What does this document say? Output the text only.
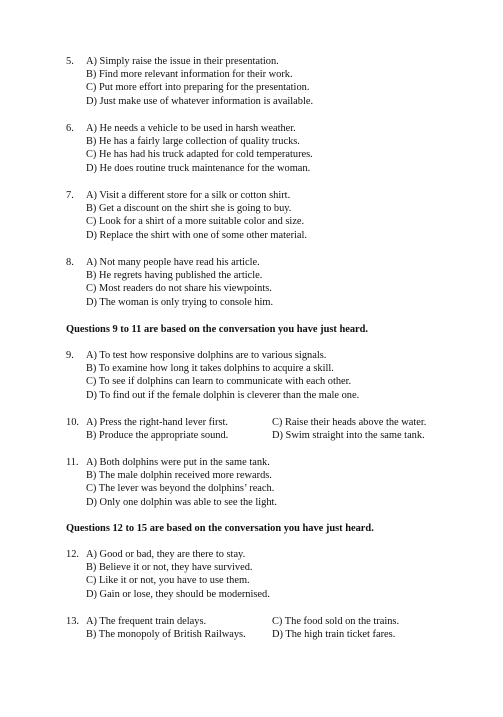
5.	A) Simply raise the issue in their presentation.
B) Find more relevant information for their work.
C) Put more effort into preparing for the presentation.
D) Just make use of whatever information is available.
6.	A) He needs a vehicle to be used in harsh weather.
B) He has a fairly large collection of quality trucks.
C) He has had his truck adapted for cold temperatures.
D) He does routine truck maintenance for the woman.
7.	A) Visit a different store for a silk or cotton shirt.
B) Get a discount on the shirt she is going to buy.
C) Look for a shirt of a more suitable color and size.
D) Replace the shirt with one of some other material.
8.	A) Not many people have read his article.
B) He regrets having published the article.
C) Most readers do not share his viewpoints.
D) The woman is only trying to console him.
Questions 9 to 11 are based on the conversation you have just heard.
9.	A) To test how responsive dolphins are to various signals.
B) To examine how long it takes dolphins to acquire a skill.
C) To see if dolphins can learn to communicate with each other.
D) To find out if the female dolphin is cleverer than the male one.
10. A) Press the right-hand lever first.	C) Raise their heads above the water.
B) Produce the appropriate sound.	D) Swim straight into the same tank.
11. A) Both dolphins were put in the same tank.
B) The male dolphin received more rewards.
C) The lever was beyond the dolphins’ reach.
D) Only one dolphin was able to see the light.
Questions 12 to 15 are based on the conversation you have just heard.
12. A) Good or bad, they are there to stay.
B) Believe it or not, they have survived.
C) Like it or not, you have to use them.
D) Gain or lose, they should be modernised.
13. A) The frequent train delays.	C) The food sold on the trains.
B) The monopoly of British Railways.	D) The high train ticket fares.
